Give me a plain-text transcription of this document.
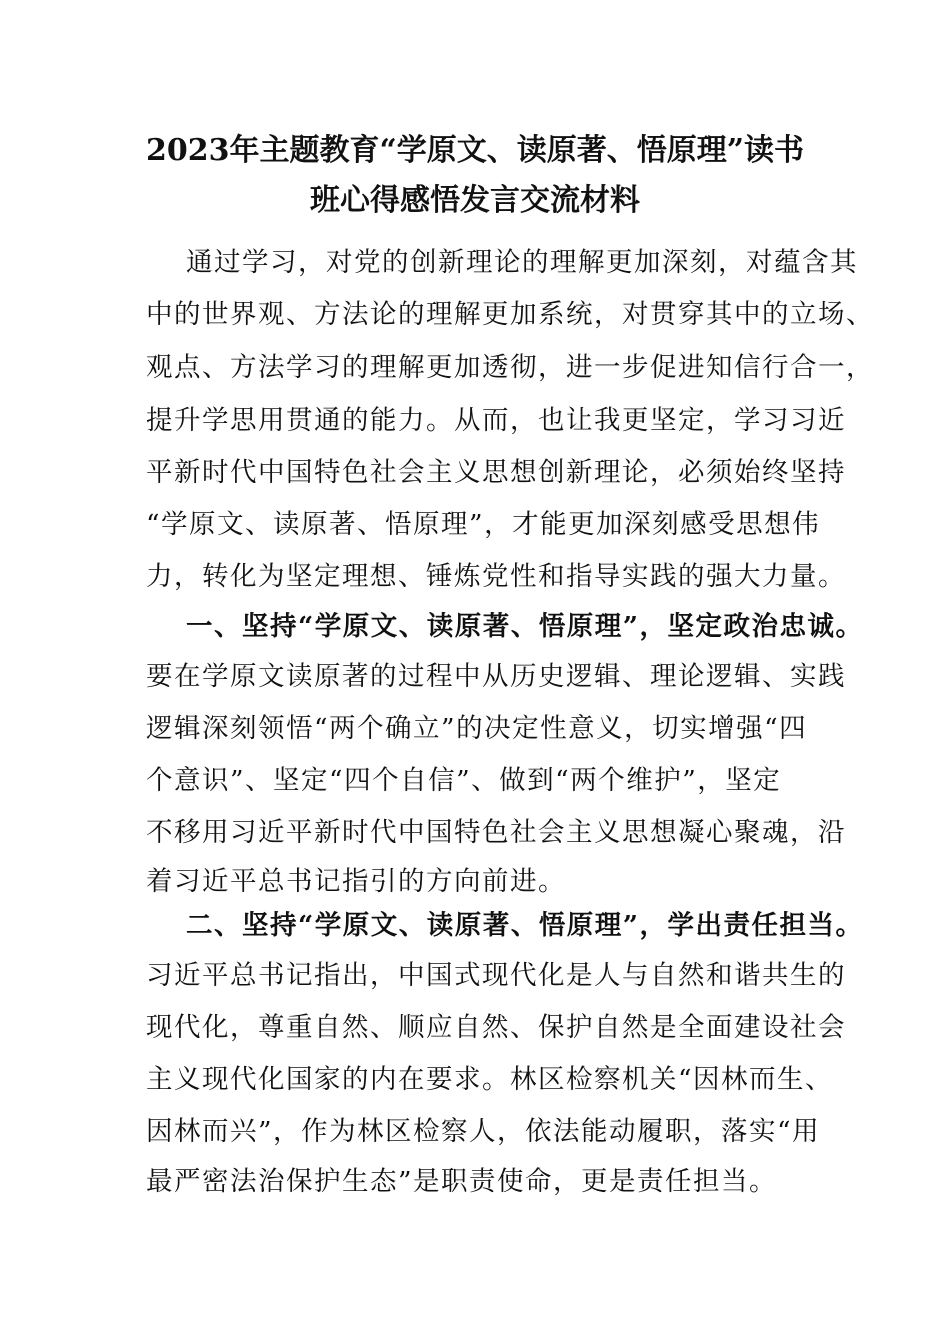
2023年主题教育“学原文、读原著、悟原理”读书
班心得感悟发言交流材料
通过学习，对党的创新理论的理解更加深刻，对蕴含其
中的世界观、方法论的理解更加系统，对贯穿其中的立场、
观点、方法学习的理解更加透彻，进一步促进知信行合一，
提升学思用贯通的能力。从而，也让我更坚定，学习习近
平新时代中国特色社会主义思想创新理论，必须始终坚持
“学原文、读原著、悟原理”，才能更加深刻感受思想伟
力，转化为坚定理想、锤炼党性和指导实践的强大力量。
一、坚持“学原文、读原著、悟原理”，坚定政治忠诚。
要在学原文读原著的过程中从历史逻辑、理论逻辑、实践
逻辑深刻领悟“两个确立”的决定性意义，切实增强“四
个意识”、坚定“四个自信”、做到“两个维护”，坚定
不移用习近平新时代中国特色社会主义思想凝心聚魂，沿
着习近平总书记指引的方向前进。
二、坚持“学原文、读原著、悟原理”，学出责任担当。
习近平总书记指出，中国式现代化是人与自然和谐共生的
现代化，尊重自然、顺应自然、保护自然是全面建设社会
主义现代化国家的内在要求。林区检察机关“因林而生、
因林而兴”，作为林区检察人，依法能动履职，落实“用
最严密法治保护生态”是职责使命，更是责任担当。
